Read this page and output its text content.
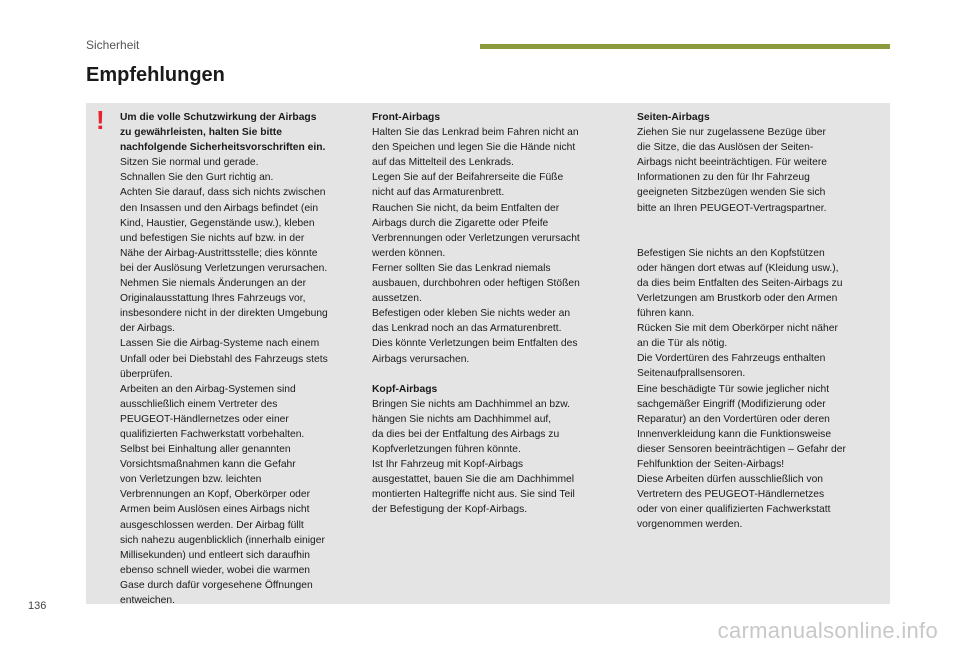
Sicherheit
Empfehlungen
! Um die volle Schutzwirkung der Airbags
zu gewährleisten, halten Sie bitte
nachfolgende Sicherheitsvorschriften ein.

Sitzen Sie normal und gerade.
Schnallen Sie den Gurt richtig an.
Achten Sie darauf, dass sich nichts zwischen
den Insassen und den Airbags befindet (ein
Kind, Haustier, Gegenstände usw.), kleben
und befestigen Sie nichts auf bzw. in der
Nähe der Airbag-Austrittsstelle; dies könnte
bei der Auslösung Verletzungen verursachen.
Nehmen Sie niemals Änderungen an der
Originalausstattung Ihres Fahrzeugs vor,
insbesondere nicht in der direkten Umgebung
der Airbags.
Lassen Sie die Airbag-Systeme nach einem
Unfall oder bei Diebstahl des Fahrzeugs stets
überprüfen.
Arbeiten an den Airbag-Systemen sind
ausschließlich einem Vertreter des
PEUGEOT-Händlernetzes oder einer
qualifizierten Fachwerkstatt vorbehalten.
Selbst bei Einhaltung aller genannten
Vorsichtsmaßnahmen kann die Gefahr
von Verletzungen bzw. leichten
Verbrennungen an Kopf, Oberkörper oder
Armen beim Auslösen eines Airbags nicht
ausgeschlossen werden. Der Airbag füllt
sich nahezu augenblicklich (innerhalb einiger
Millisekunden) und entleert sich daraufhin
ebenso schnell wieder, wobei die warmen
Gase durch dafür vorgesehene Öffnungen
entweichen.

Front-Airbags

Halten Sie das Lenkrad beim Fahren nicht an
den Speichen und legen Sie die Hände nicht
auf das Mittelteil des Lenkrads.
Legen Sie auf der Beifahrerseite die Füße
nicht auf das Armaturenbrett.
Rauchen Sie nicht, da beim Entfalten der
Airbags durch die Zigarette oder Pfeife
Verbrennungen oder Verletzungen verursacht
werden können.
Ferner sollten Sie das Lenkrad niemals
ausbauen, durchbohren oder heftigen Stößen
aussetzen.
Befestigen oder kleben Sie nichts weder an
das Lenkrad noch an das Armaturenbrett.
Dies könnte Verletzungen beim Entfalten des
Airbags verursachen.

Kopf-Airbags

Bringen Sie nichts am Dachhimmel an bzw.
hängen Sie nichts am Dachhimmel auf,
da dies bei der Entfaltung des Airbags zu
Kopfverletzungen führen könnte.
Ist Ihr Fahrzeug mit Kopf-Airbags
ausgestattet, bauen Sie die am Dachhimmel
montierten Haltegriffe nicht aus. Sie sind Teil
der Befestigung der Kopf-Airbags.

Seiten-Airbags

Ziehen Sie nur zugelassene Bezüge über
die Sitze, die das Auslösen der Seiten-
Airbags nicht beeinträchtigen. Für weitere
Informationen zu den für Ihr Fahrzeug
geeigneten Sitzbezügen wenden Sie sich
bitte an Ihren PEUGEOT-Vertragspartner.

Befestigen Sie nichts an den Kopfstützen
oder hängen dort etwas auf (Kleidung usw.),
da dies beim Entfalten des Seiten-Airbags zu
Verletzungen am Brustkorb oder den Armen
führen kann.
Rücken Sie mit dem Oberkörper nicht näher
an die Tür als nötig.
Die Vordertüren des Fahrzeugs enthalten
Seitenaufprallsensoren.
Eine beschädigte Tür sowie jeglicher nicht
sachgemäßer Eingriff (Modifizierung oder
Reparatur) an den Vordertüren oder deren
Innenverkleidung kann die Funktionsweise
dieser Sensoren beeinträchtigen – Gefahr der
Fehlfunktion der Seiten-Airbags!
Diese Arbeiten dürfen ausschließlich von
Vertretern des PEUGEOT-Händlernetzes
oder von einer qualifizierten Fachwerkstatt
vorgenommen werden.

136
carmanualsonline.info
